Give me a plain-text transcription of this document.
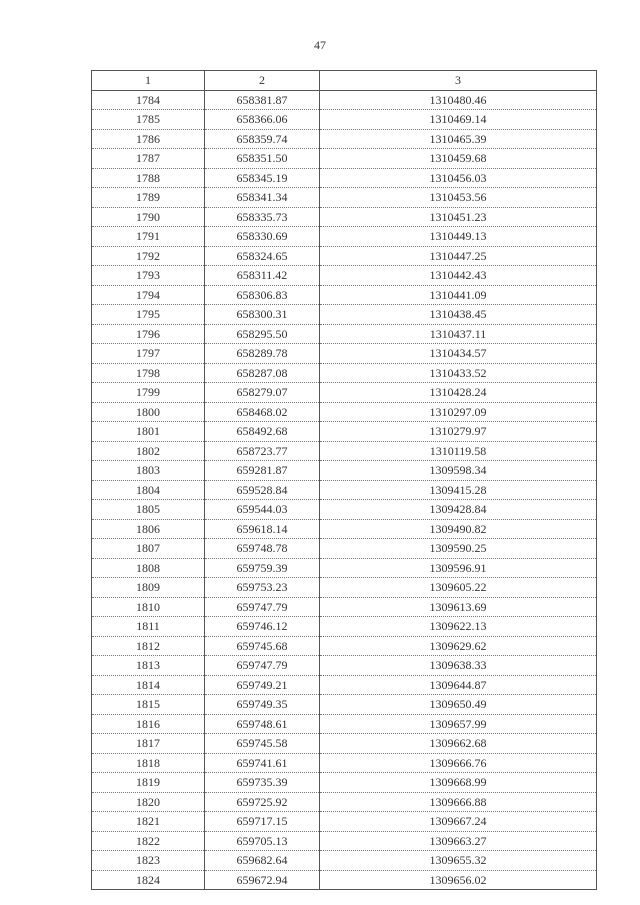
47
1	2	3
1784	658381.87	1310480.46
1785	658366.06	1310469.14
1786	658359.74	1310465.39
1787	658351.50	1310459.68
1788	658345.19	1310456.03
1789	658341.34	1310453.56
1790	658335.73	1310451.23
1791	658330.69	1310449.13
1792	658324.65	1310447.25
1793	658311.42	1310442.43
1794	658306.83	1310441.09
1795	658300.31	1310438.45
1796	658295.50	1310437.11
1797	658289.78	1310434.57
1798	658287.08	1310433.52
1799	658279.07	1310428.24
1800	658468.02	1310297.09
1801	658492.68	1310279.97
1802	658723.77	1310119.58
1803	659281.87	1309598.34
1804	659528.84	1309415.28
1805	659544.03	1309428.84
1806	659618.14	1309490.82
1807	659748.78	1309590.25
1808	659759.39	1309596.91
1809	659753.23	1309605.22
1810	659747.79	1309613.69
1811	659746.12	1309622.13
1812	659745.68	1309629.62
1813	659747.79	1309638.33
1814	659749.21	1309644.87
1815	659749.35	1309650.49
1816	659748.61	1309657.99
1817	659745.58	1309662.68
1818	659741.61	1309666.76
1819	659735.39	1309668.99
1820	659725.92	1309666.88
1821	659717.15	1309667.24
1822	659705.13	1309663.27
1823	659682.64	1309655.32
1824	659672.94	1309656.02
